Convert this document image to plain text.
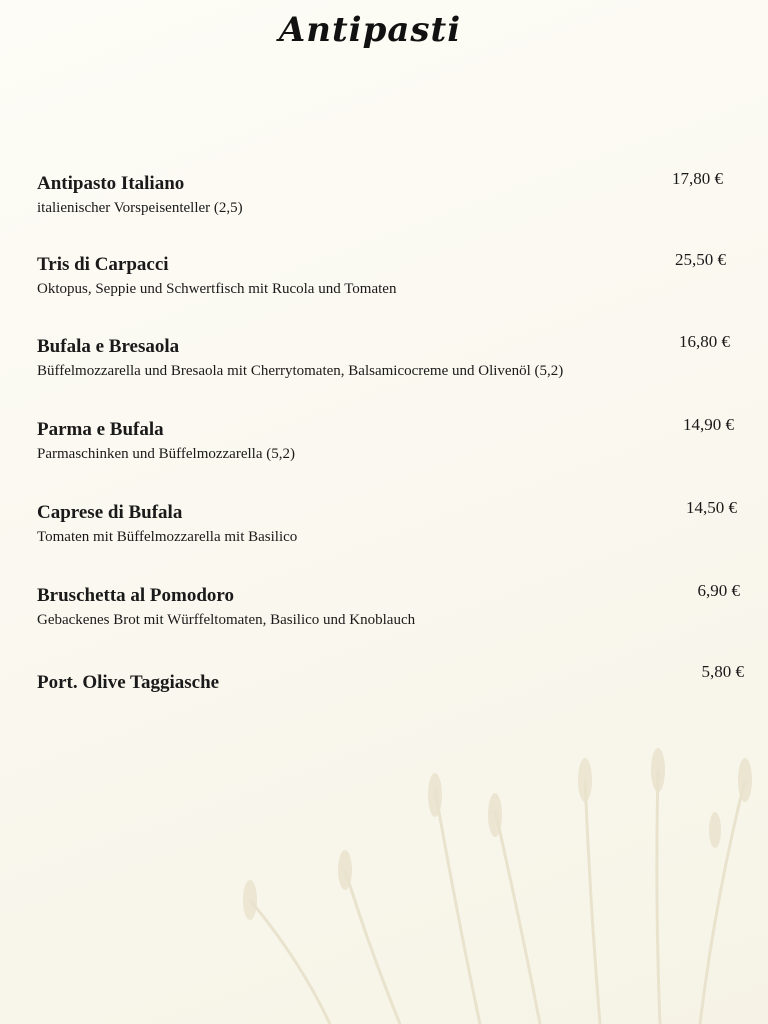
Antipasti
Antipasto Italiano
italienischer Vorspeisenteller (2,5)
17,80 €
Tris di Carpacci
Oktopus, Seppie und Schwertfisch mit Rucola und Tomaten
25,50 €
Bufala e Bresaola
Büffelmozzarella und Bresaola mit Cherrytomaten, Balsamicocreme und Olivenöl (5,2)
16,80 €
Parma e Bufala
Parmaschinken und Büffelmozzarella (5,2)
14,90 €
Caprese di Bufala
Tomaten mit Büffelmozzarella mit Basilico
14,50 €
Bruschetta al Pomodoro
Gebackenes Brot mit Würffeltomaten, Basilico und Knoblauch
6,90 €
Port. Olive Taggiasche
5,80 €
